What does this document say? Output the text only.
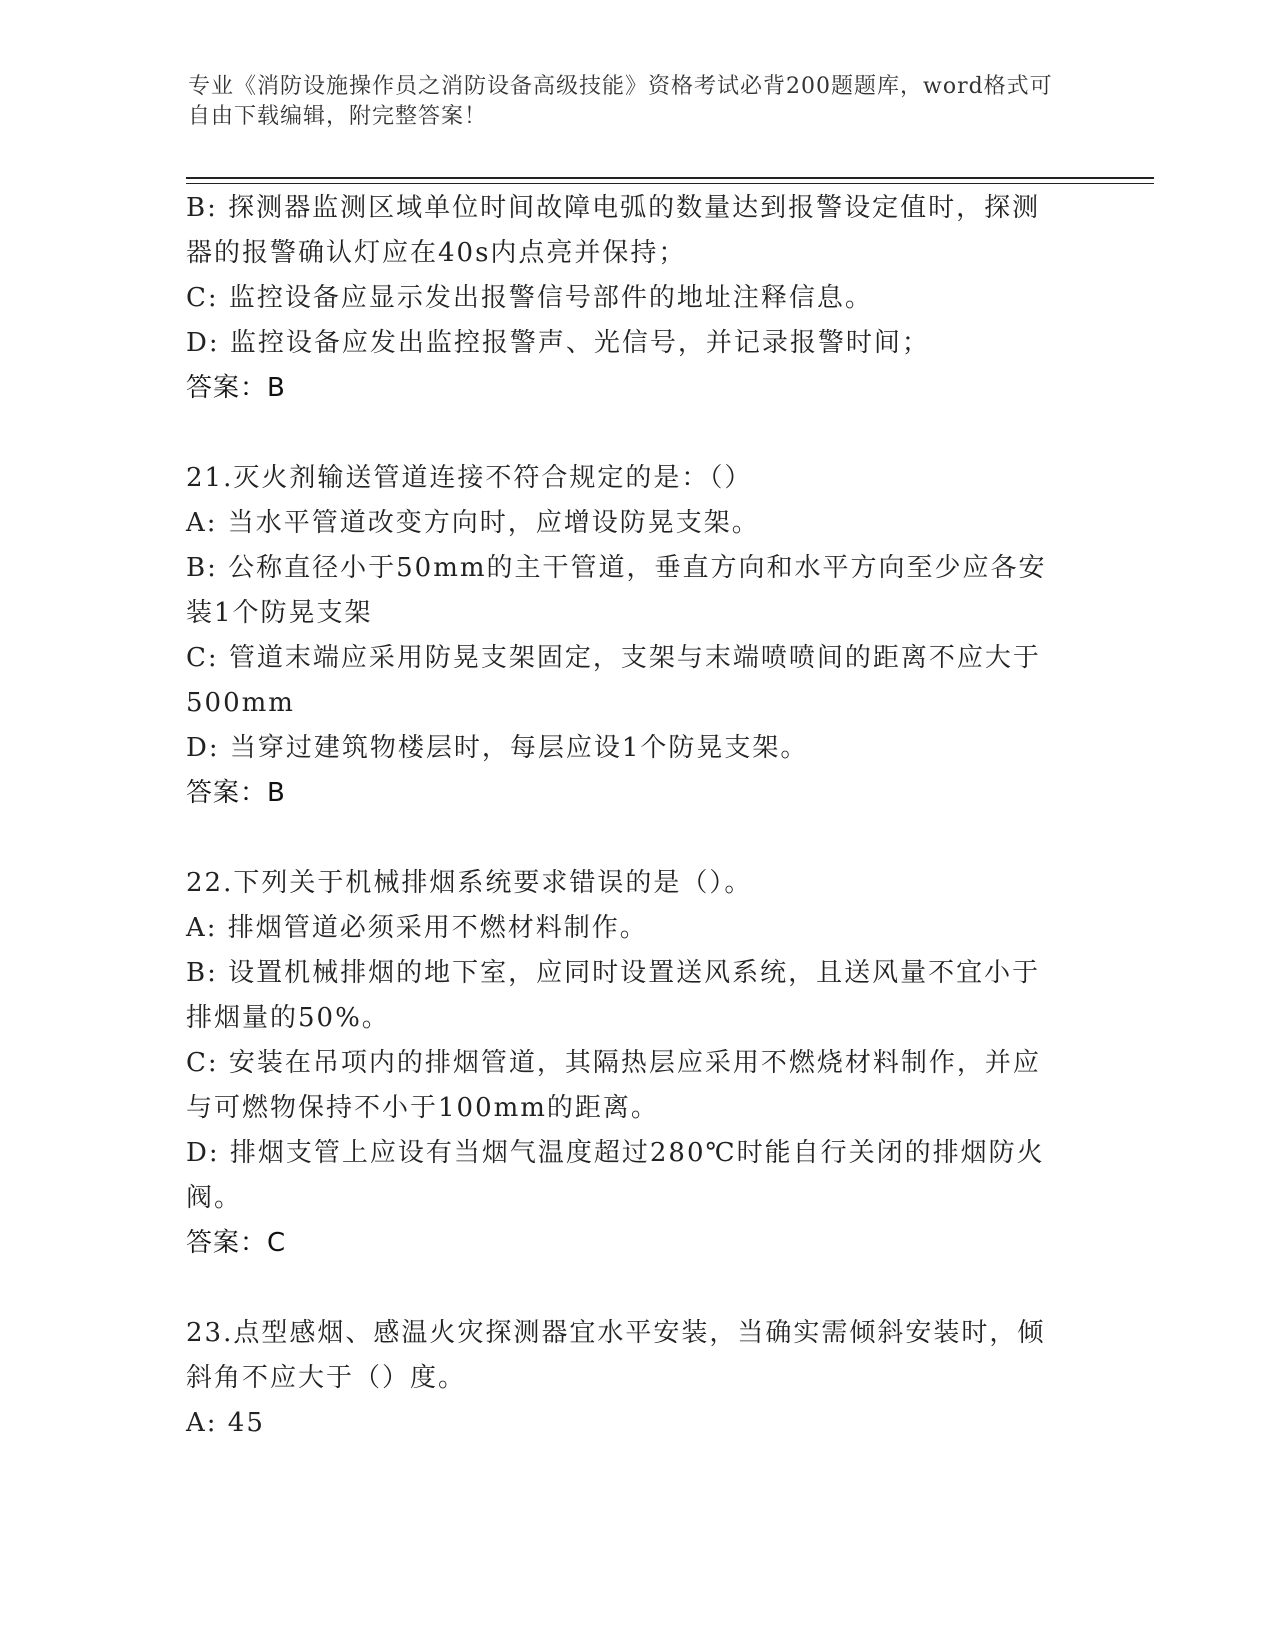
专业《消防设施操作员之消防设备高级技能》资格考试必背200题题库，word格式可自由下载编辑，附完整答案！
B: 探测器监测区域单位时间故障电弧的数量达到报警设定值时，探测
器的报警确认灯应在40s内点亮并保持；
C: 监控设备应显示发出报警信号部件的地址注释信息。
D: 监控设备应发出监控报警声、光信号，并记录报警时间；
答案：B
21.灭火剂输送管道连接不符合规定的是：（）
A: 当水平管道改变方向时，应增设防晃支架。
B: 公称直径小于50mm的主干管道，垂直方向和水平方向至少应各安
装1个防晃支架
C: 管道末端应采用防晃支架固定，支架与末端喷喷间的距离不应大于
500mm
D: 当穿过建筑物楼层时，每层应设1个防晃支架。
答案：B
22.下列关于机械排烟系统要求错误的是（）。
A: 排烟管道必须采用不燃材料制作。
B: 设置机械排烟的地下室，应同时设置送风系统，且送风量不宜小于
排烟量的50%。
C: 安装在吊项内的排烟管道，其隔热层应采用不燃烧材料制作，并应
与可燃物保持不小于100mm的距离。
D: 排烟支管上应设有当烟气温度超过280℃时能自行关闭的排烟防火
阀。
答案：C
23.点型感烟、感温火灾探测器宜水平安装，当确实需倾斜安装时，倾
斜角不应大于（）度。
A: 45
